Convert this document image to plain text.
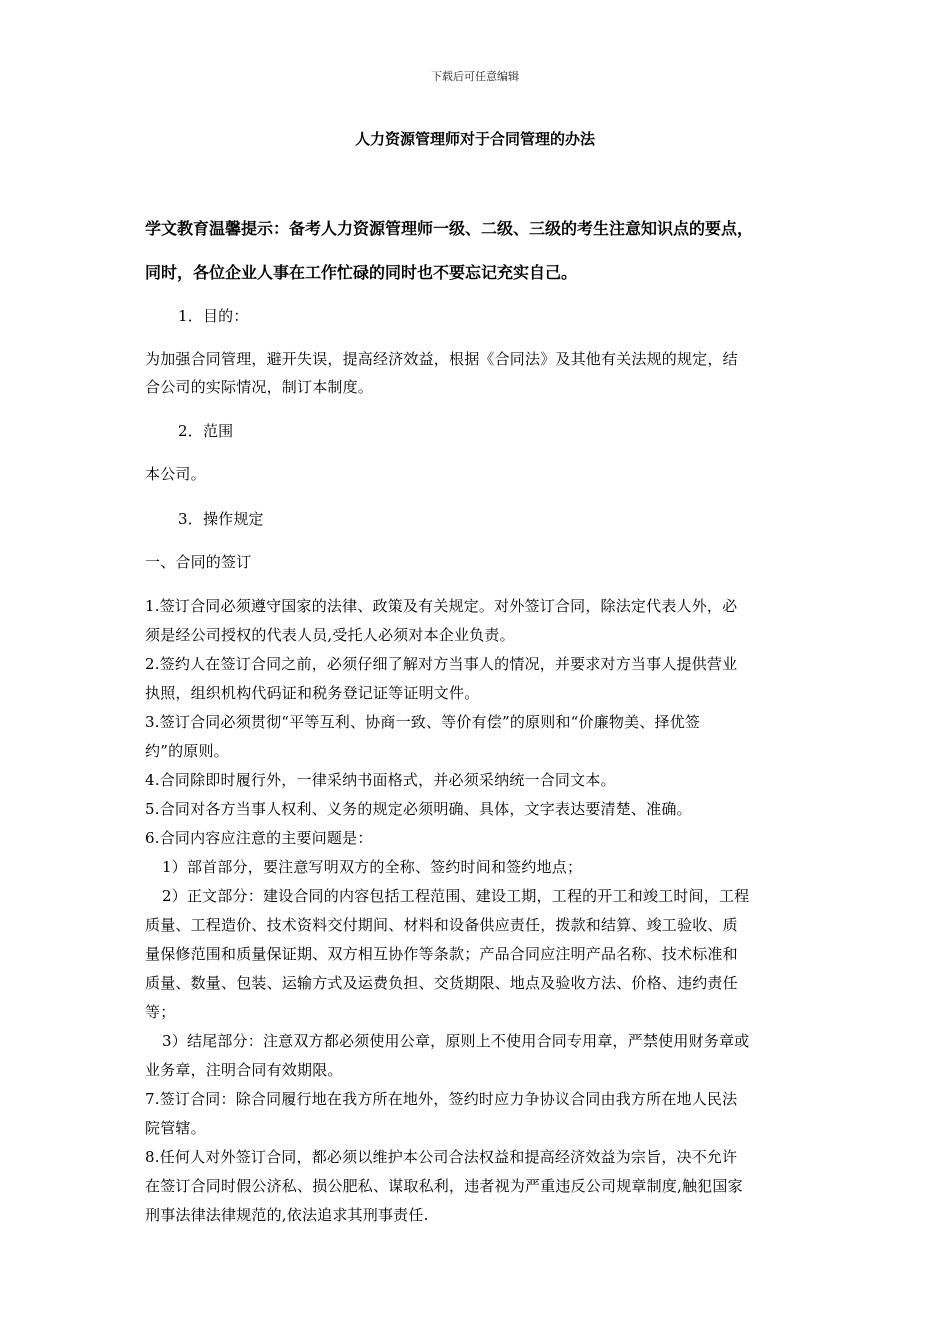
下载后可任意编辑
人力资源管理师对于合同管理的办法
学文教育温馨提示：备考人力资源管理师一级、二级、三级的考生注意知识点的要点，
同时，各位企业人事在工作忙碌的同时也不要忘记充实自己。
1．目的：
为加强合同管理，避开失误，提高经济效益，根据《合同法》及其他有关法规的规定，结
合公司的实际情况，制订本制度。
2．范围
本公司。
3．操作规定
一、合同的签订
1.签订合同必须遵守国家的法律、政策及有关规定。对外签订合同，除法定代表人外，必
须是经公司授权的代表人员,受托人必须对本企业负责。
2.签约人在签订合同之前，必须仔细了解对方当事人的情况，并要求对方当事人提供营业
执照，组织机构代码证和税务登记证等证明文件。
3.签订合同必须贯彻“平等互利、协商一致、等价有偿”的原则和“价廉物美、择优签
约”的原则。
4.合同除即时履行外，一律采纳书面格式，并必须采纳统一合同文本。
5.合同对各方当事人权利、义务的规定必须明确、具体，文字表达要清楚、准确。
6.合同内容应注意的主要问题是：
1）部首部分，要注意写明双方的全称、签约时间和签约地点；
2）正文部分：建设合同的内容包括工程范围、建设工期，工程的开工和竣工时间，工程
质量、工程造价、技术资料交付期间、材料和设备供应责任，拨款和结算、竣工验收、质
量保修范围和质量保证期、双方相互协作等条款；产品合同应注明产品名称、技术标准和
质量、数量、包装、运输方式及运费负担、交货期限、地点及验收方法、价格、违约责任
等；
3）结尾部分：注意双方都必须使用公章，原则上不使用合同专用章，严禁使用财务章或
业务章，注明合同有效期限。
7.签订合同：除合同履行地在我方所在地外，签约时应力争协议合同由我方所在地人民法
院管辖。
8.任何人对外签订合同，都必须以维护本公司合法权益和提高经济效益为宗旨，决不允许
在签订合同时假公济私、损公肥私、谋取私利，违者视为严重违反公司规章制度,触犯国家
刑事法律法律规范的,依法追求其刑事责任.
